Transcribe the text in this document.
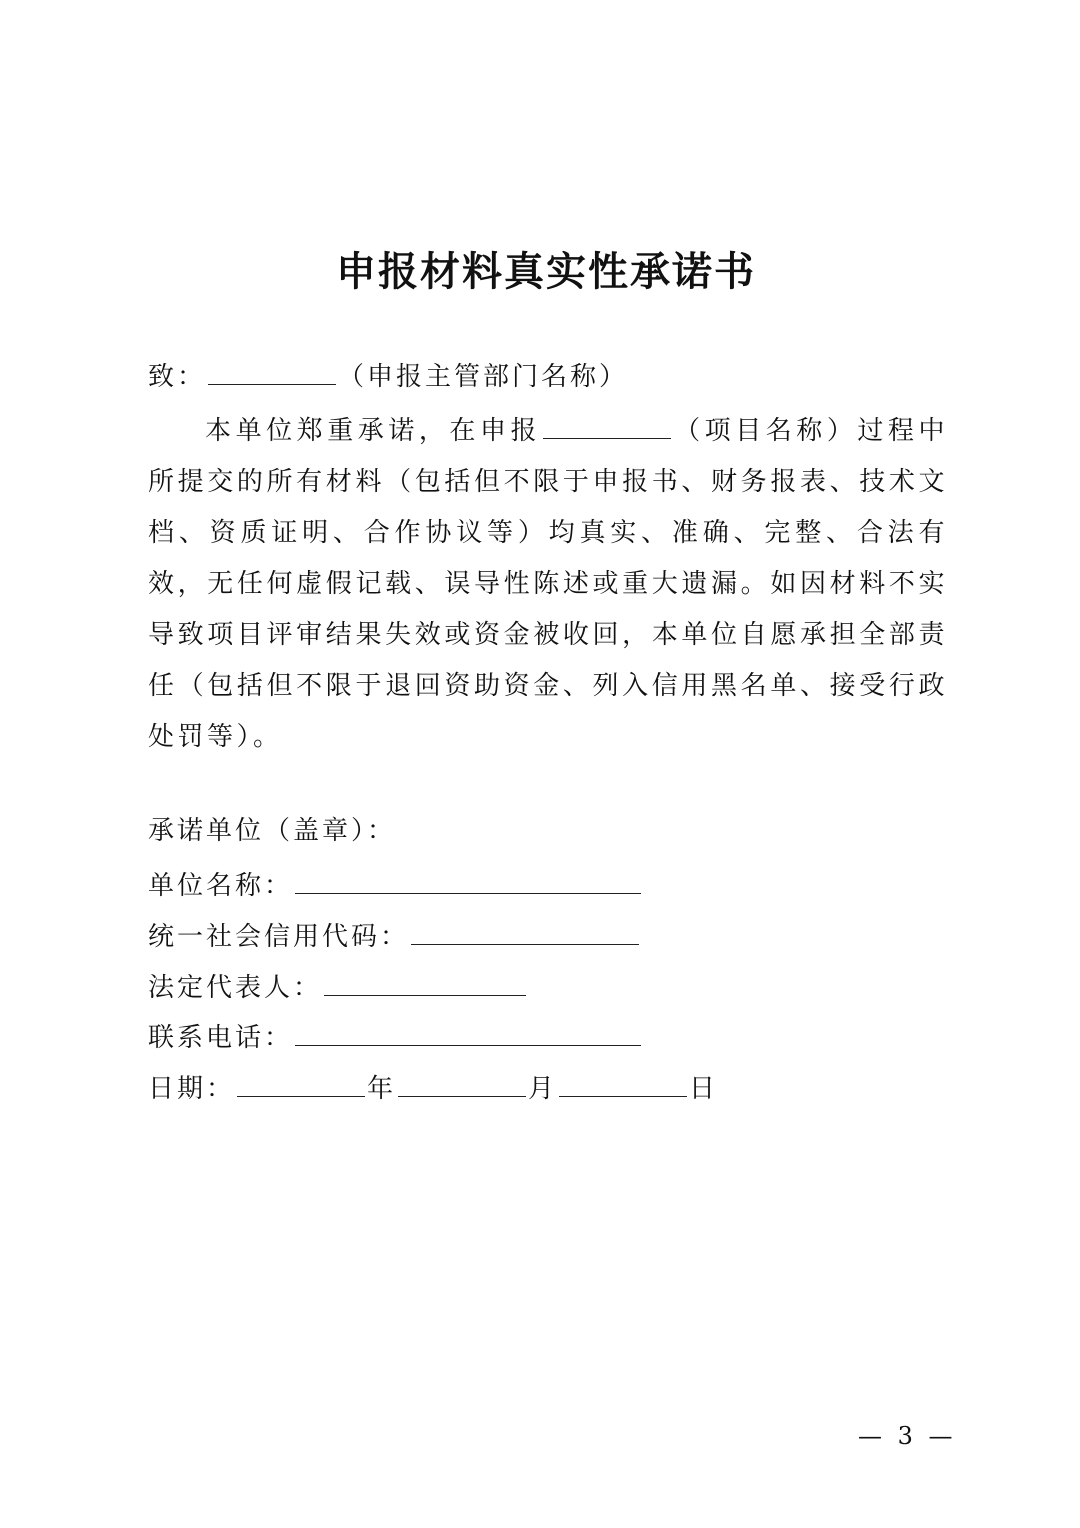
申报材料真实性承诺书
致：	（申报主管部门名称）
本单位郑重承诺，在申报	（项目名称）过程中所提交的所有材料（包括但不限于申报书、财务报表、技术文档、资质证明、合作协议等）均真实、准确、完整、合法有效，无任何虚假记载、误导性陈述或重大遗漏。如因材料不实导致项目评审结果失效或资金被收回，本单位自愿承担全部责任（包括但不限于退回资助资金、列入信用黑名单、接受行政处罚等）。
承诺单位（盖章）：
单位名称：
统一社会信用代码：
法定代表人：
联系电话：
日期：	年	月	日
— 3 —
